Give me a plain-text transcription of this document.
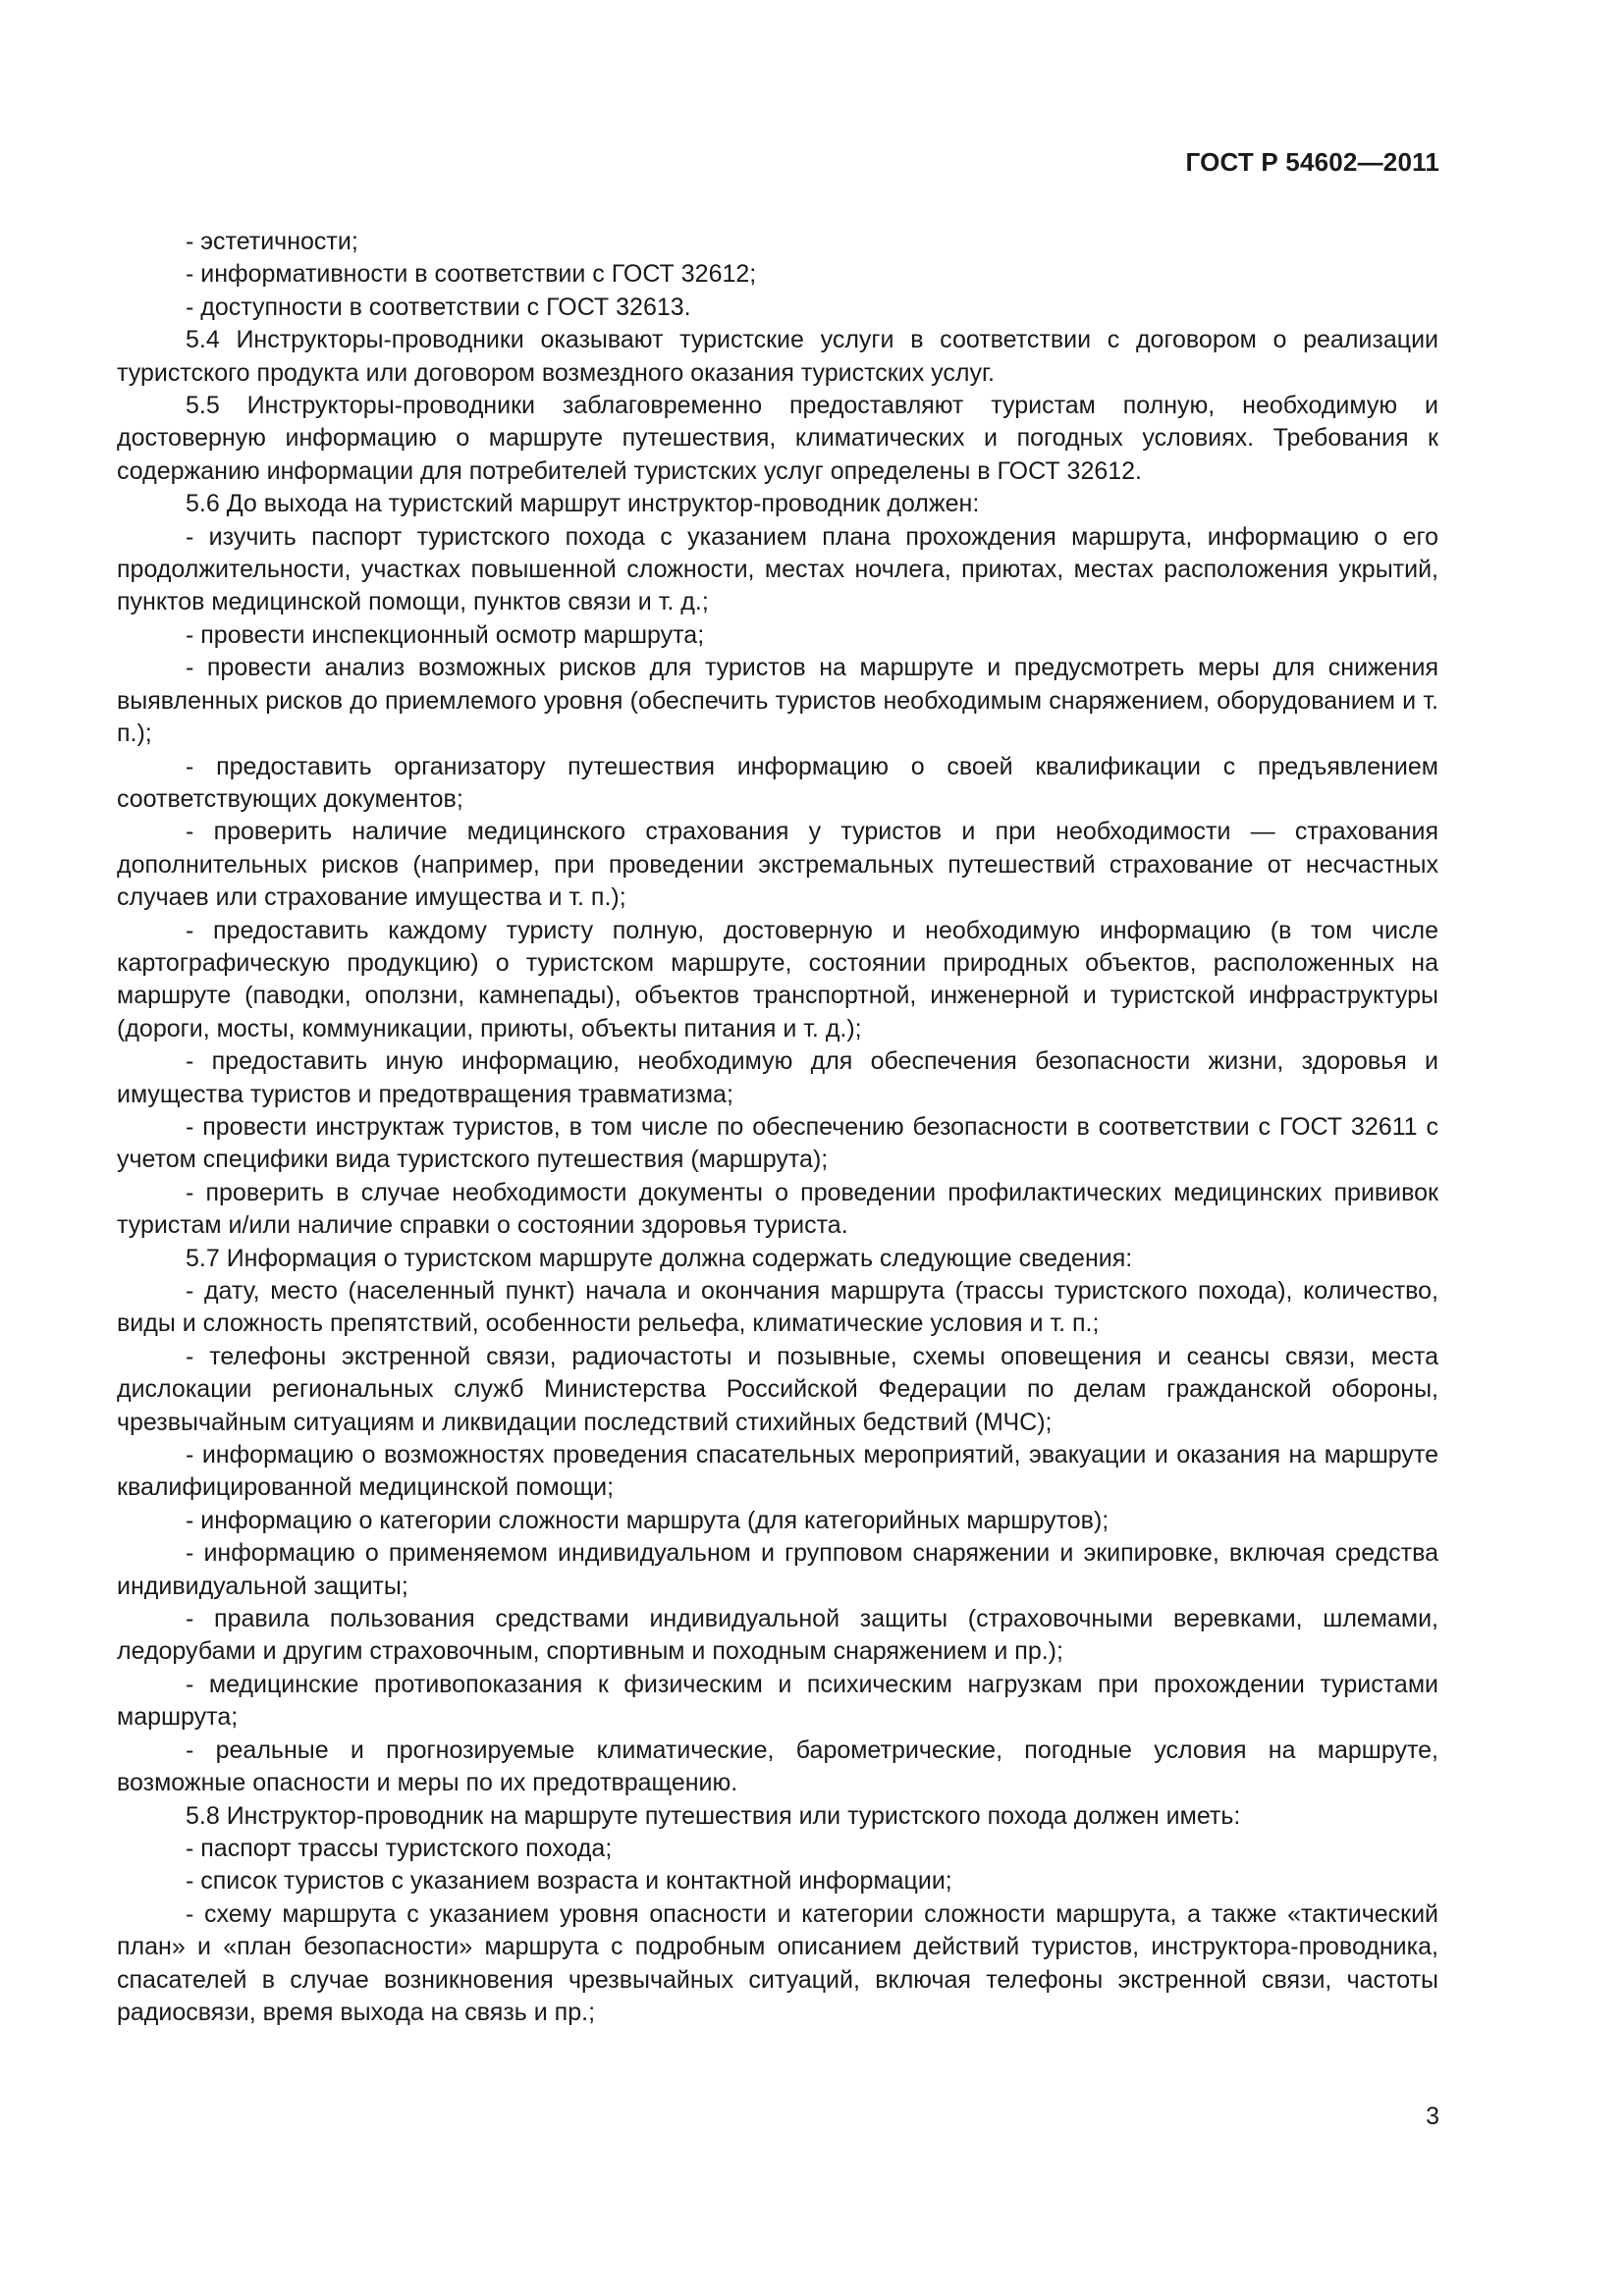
ГОСТ Р 54602—2011

- эстетичности;

- информативности в соответствии с ГОСТ 32612;

- доступности в соответствии с ГОСТ 32613.

5.4 Инструкторы-проводники оказывают туристские услуги в соответствии с договором о реализации туристского продукта или договором возмездного оказания туристских услуг.

5.5 Инструкторы-проводники заблаговременно предоставляют туристам полную, необходимую и достоверную информацию о маршруте путешествия, климатических и погодных условиях. Требования к содержанию информации для потребителей туристских услуг определены в ГОСТ 32612.

5.6 До выхода на туристский маршрут инструктор-проводник должен:

- изучить паспорт туристского похода с указанием плана прохождения маршрута, информацию о его продолжительности, участках повышенной сложности, местах ночлега, приютах, местах расположения укрытий, пунктов медицинской помощи, пунктов связи и т. д.;

- провести инспекционный осмотр маршрута;

- провести анализ возможных рисков для туристов на маршруте и предусмотреть меры для снижения выявленных рисков до приемлемого уровня (обеспечить туристов необходимым снаряжением, оборудованием и т. п.);

- предоставить организатору путешествия информацию о своей квалификации с предъявлением соответствующих документов;

- проверить наличие медицинского страхования у туристов и при необходимости — страхования дополнительных рисков (например, при проведении экстремальных путешествий страхование от несчастных случаев или страхование имущества и т. п.);

- предоставить каждому туристу полную, достоверную и необходимую информацию (в том числе картографическую продукцию) о туристском маршруте, состоянии природных объектов, расположенных на маршруте (паводки, оползни, камнепады), объектов транспортной, инженерной и туристской инфраструктуры (дороги, мосты, коммуникации, приюты, объекты питания и т. д.);

- предоставить иную информацию, необходимую для обеспечения безопасности жизни, здоровья и имущества туристов и предотвращения травматизма;

- провести инструктаж туристов, в том числе по обеспечению безопасности в соответствии с ГОСТ 32611 с учетом специфики вида туристского путешествия (маршрута);

- проверить в случае необходимости документы о проведении профилактических медицинских прививок туристам и/или наличие справки о состоянии здоровья туриста.

5.7 Информация о туристском маршруте должна содержать следующие сведения:

- дату, место (населенный пункт) начала и окончания маршрута (трассы туристского похода), количество, виды и сложность препятствий, особенности рельефа, климатические условия и т. п.;

- телефоны экстренной связи, радиочастоты и позывные, схемы оповещения и сеансы связи, места дислокации региональных служб Министерства Российской Федерации по делам гражданской обороны, чрезвычайным ситуациям и ликвидации последствий стихийных бедствий (МЧС);

- информацию о возможностях проведения спасательных мероприятий, эвакуации и оказания на маршруте квалифицированной медицинской помощи;

- информацию о категории сложности маршрута (для категорийных маршрутов);

- информацию о применяемом индивидуальном и групповом снаряжении и экипировке, включая средства индивидуальной защиты;

- правила пользования средствами индивидуальной защиты (страховочными веревками, шлемами, ледорубами и другим страховочным, спортивным и походным снаряжением и пр.);

- медицинские противопоказания к физическим и психическим нагрузкам при прохождении туристами маршрута;

- реальные и прогнозируемые климатические, барометрические, погодные условия на маршруте, возможные опасности и меры по их предотвращению.

5.8 Инструктор-проводник на маршруте путешествия или туристского похода должен иметь:

- паспорт трассы туристского похода;

- список туристов с указанием возраста и контактной информации;

- схему маршрута с указанием уровня опасности и категории сложности маршрута, а также «тактический план» и «план безопасности» маршрута с подробным описанием действий туристов, инструктора-проводника, спасателей в случае возникновения чрезвычайных ситуаций, включая телефоны экстренной связи, частоты радиосвязи, время выхода на связь и пр.;

3
